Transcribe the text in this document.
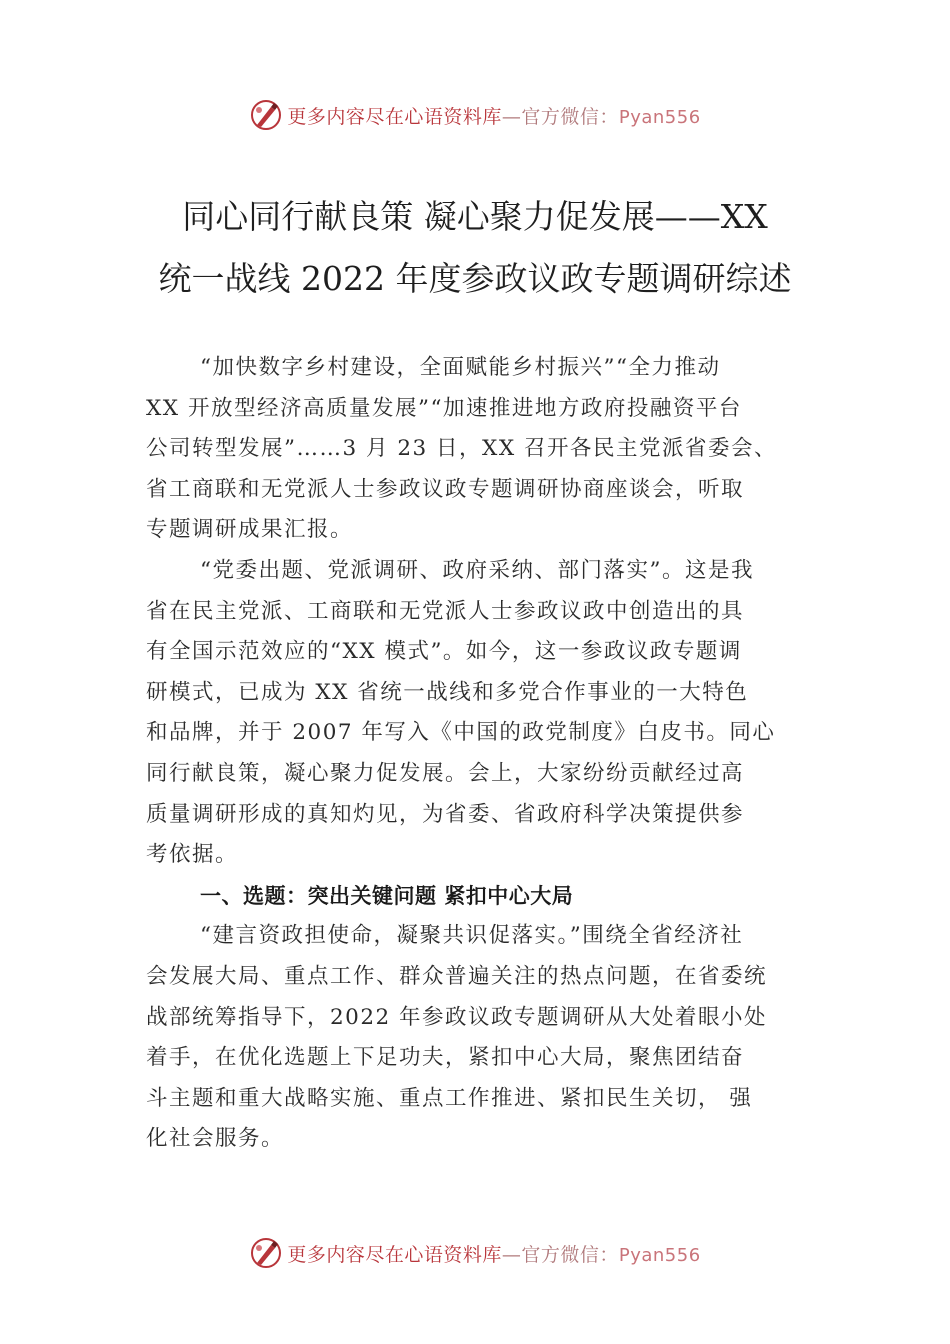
更多内容尽在心语资料库—官方微信：Pyan556
同心同行献良策 凝心聚力促发展——XX
统一战线 2022 年度参政议政专题调研综述

“加快数字乡村建设，全面赋能乡村振兴”“全力推动
XX 开放型经济高质量发展”“加速推进地方政府投融资平台
公司转型发展”……3 月 23 日，XX 召开各民主党派省委会、
省工商联和无党派人士参政议政专题调研协商座谈会，听取
专题调研成果汇报。

“党委出题、党派调研、政府采纳、部门落实”。这是我
省在民主党派、工商联和无党派人士参政议政中创造出的具
有全国示范效应的“XX 模式”。如今，这一参政议政专题调
研模式，已成为 XX 省统一战线和多党合作事业的一大特色
和品牌，并于 2007 年写入《中国的政党制度》白皮书。同心
同行献良策，凝心聚力促发展。会上，大家纷纷贡献经过高
质量调研形成的真知灼见，为省委、省政府科学决策提供参
考依据。

一、选题：突出关键问题 紧扣中心大局

“建言资政担使命，凝聚共识促落实。”围绕全省经济社
会发展大局、重点工作、群众普遍关注的热点问题，在省委统
战部统筹指导下，2022 年参政议政专题调研从大处着眼小处
着手，在优化选题上下足功夫，紧扣中心大局，聚焦团结奋
斗主题和重大战略实施、重点工作推进、紧扣民生关切， 强
化社会服务。

更多内容尽在心语资料库—官方微信：Pyan556
